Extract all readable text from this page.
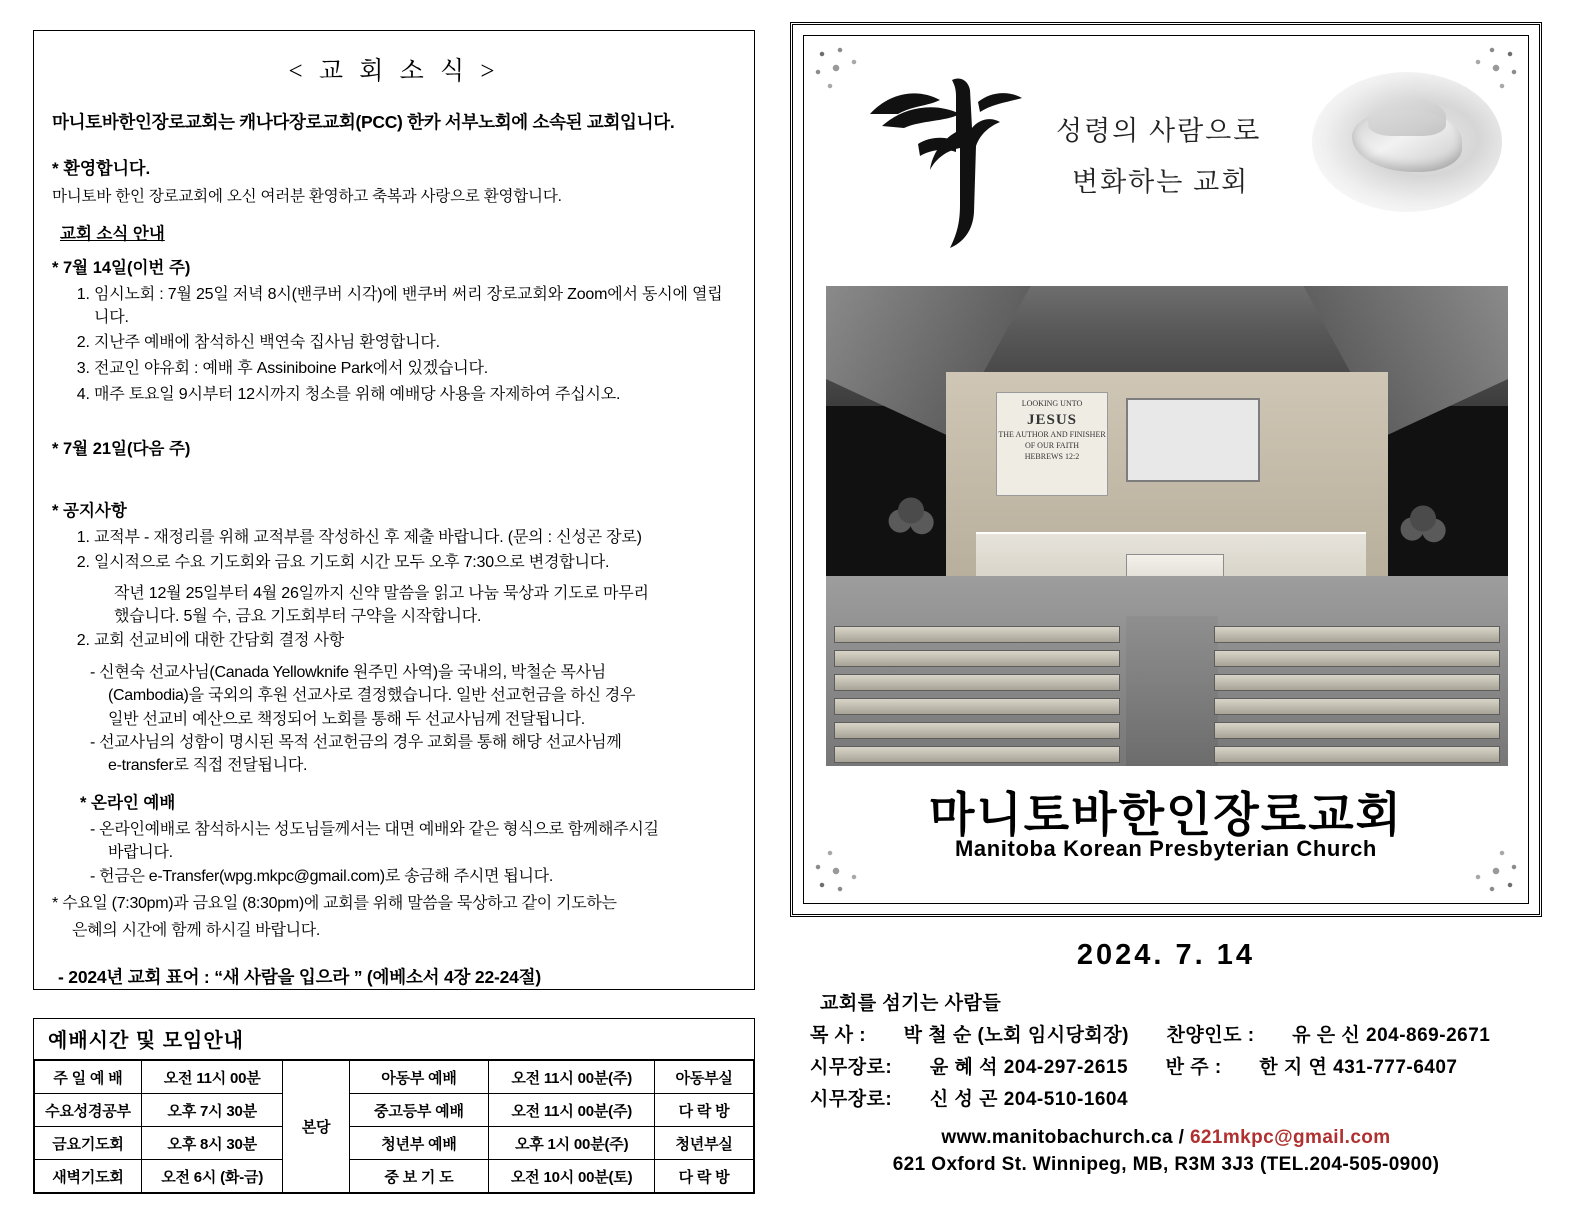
< 교 회 소 식 >
마니토바한인장로교회는 캐나다장로교회(PCC) 한카 서부노회에 소속된 교회입니다.
* 환영합니다.
마니토바 한인 장로교회에 오신 여러분 환영하고 축복과 사랑으로 환영합니다.
교회 소식 안내
* 7월 14일(이번 주)
1. 임시노회 : 7월 25일 저녁 8시(밴쿠버 시각)에 밴쿠버 써리 장로교회와 Zoom에서 동시에 열립니다.
2. 지난주 예배에 참석하신 백연숙 집사님 환영합니다.
3. 전교인 야유회 : 예배 후 Assiniboine Park에서 있겠습니다.
4. 매주 토요일 9시부터 12시까지 청소를 위해 예배당 사용을 자제하여 주십시오.
* 7월 21일(다음 주)
* 공지사항
1. 교적부 - 재정리를 위해 교적부를 작성하신 후 제출 바랍니다. (문의 : 신성곤 장로)
2. 일시적으로 수요 기도회와 금요 기도회 시간 모두 오후 7:30으로 변경합니다.
작년 12월 25일부터 4월 26일까지 신약 말씀을 읽고 나눔 묵상과 기도로 마무리
했습니다. 5월 수, 금요 기도회부터 구약을 시작합니다.
2. 교회 선교비에 대한 간담회 결정 사항
- 신현숙 선교사님(Canada Yellowknife 원주민 사역)을 국내의, 박철순 목사님
(Cambodia)을 국외의 후원 선교사로 결정했습니다. 일반 선교헌금을 하신 경우
일반 선교비 예산으로 책정되어 노회를 통해 두 선교사님께 전달됩니다.
- 선교사님의 성함이 명시된 목적 선교헌금의 경우 교회를 통해 해당 선교사님께
e-transfer로 직접 전달됩니다.
* 온라인 예배
- 온라인예배로 참석하시는 성도님들께서는 대면 예배와 같은 형식으로 함께해주시길
바랍니다.
- 헌금은 e-Transfer(wpg.mkpc@gmail.com)로 송금해 주시면 됩니다.
* 수요일 (7:30pm)과 금요일 (8:30pm)에 교회를 위해 말씀을 묵상하고 같이 기도하는
은혜의 시간에 함께 하시길 바랍니다.
- 2024년 교회 표어 : “새 사람을 입으라 ” (에베소서 4장 22-24절)
예배시간 및 모임안내
주 일 예 배	오전 11시 00분	본당	아동부 예배	오전 11시 00분(주)	아동부실
수요성경공부	오후 7시 30분		중고등부 예배	오전 11시 00분(주)	다 락 방
금요기도회	오후 8시 30분		청년부 예배	오후 1시 00분(주)	청년부실
새벽기도회	오전 6시 (화-금)		중 보 기 도	오전 10시 00분(토)	다 락 방
성령의 사람으로
변화하는 교회
LOOKING UNTO
JESUS
THE AUTHOR AND FINISHER OF OUR FAITH
HEBREWS 12:2
마니토바한인장로교회
Manitoba Korean Presbyterian Church
2024. 7. 14
교회를 섬기는 사람들
목 사 : 박 철 순 (노회 임시당회장) 찬양인도 : 유 은 신 204-869-2671
시무장로: 윤 혜 석 204-297-2615 반 주 : 한 지 연 431-777-6407
시무장로: 신 성 곤 204-510-1604
www.manitobachurch.ca / 621mkpc@gmail.com
621 Oxford St. Winnipeg, MB, R3M 3J3 (TEL.204-505-0900)
